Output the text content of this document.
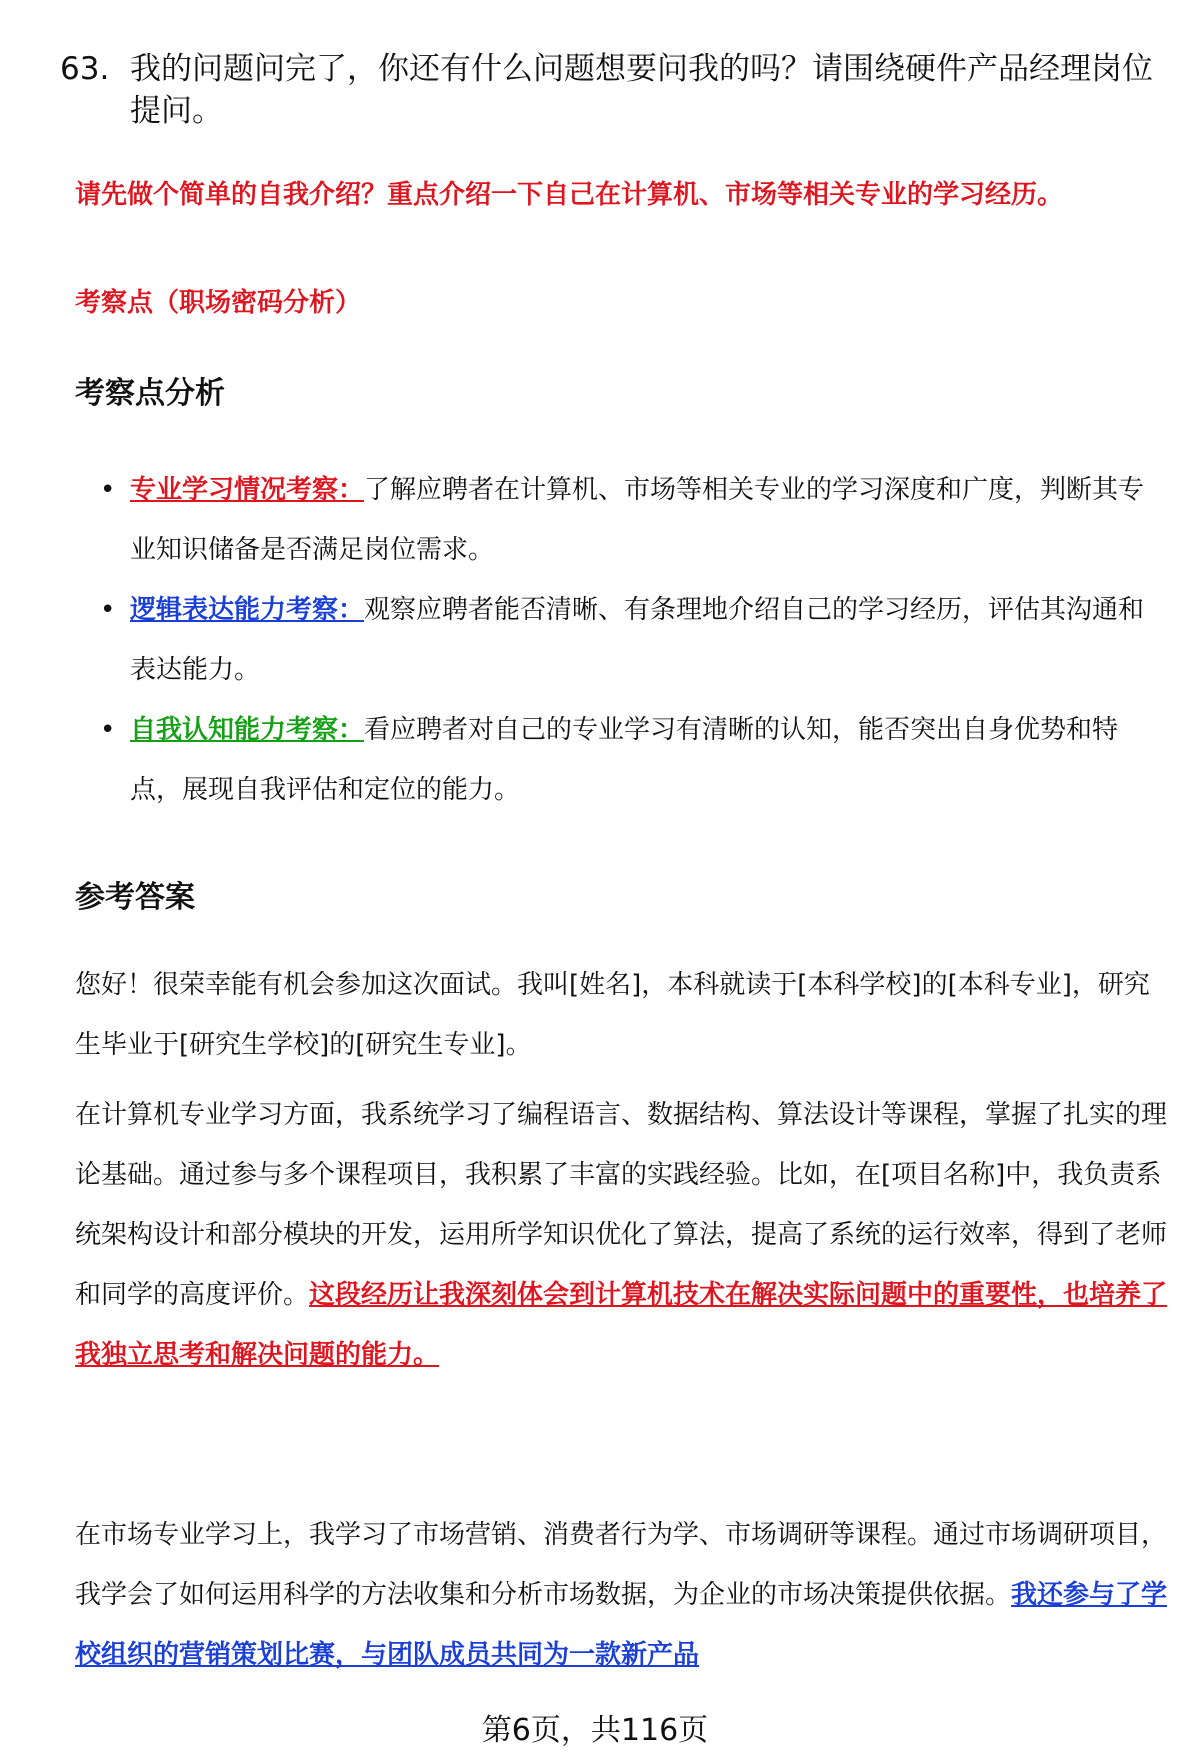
63. 我的问题问完了，你还有什么问题想要问我的吗？请围绕硬件产品经理岗位提问。
请先做个简单的自我介绍？重点介绍一下自己在计算机、市场等相关专业的学习经历。
考察点（职场密码分析）
考察点分析
• 专业学习情况考察：了解应聘者在计算机、市场等相关专业的学习深度和广度，判断其专业知识储备是否满足岗位需求。
• 逻辑表达能力考察：观察应聘者能否清晰、有条理地介绍自己的学习经历，评估其沟通和表达能力。
• 自我认知能力考察：看应聘者对自己的专业学习有清晰的认知，能否突出自身优势和特点，展现自我评估和定位的能力。
参考答案
您好！很荣幸能有机会参加这次面试。我叫[姓名]，本科就读于[本科学校]的[本科专业]，研究生毕业于[研究生学校]的[研究生专业]。
在计算机专业学习方面，我系统学习了编程语言、数据结构、算法设计等课程，掌握了扎实的理论基础。通过参与多个课程项目，我积累了丰富的实践经验。比如，在[项目名称]中，我负责系统架构设计和部分模块的开发，运用所学知识优化了算法，提高了系统的运行效率，得到了老师和同学的高度评价。这段经历让我深刻体会到计算机技术在解决实际问题中的重要性，也培养了我独立思考和解决问题的能力。
在市场专业学习上，我学习了市场营销、消费者行为学、市场调研等课程。通过市场调研项目，我学会了如何运用科学的方法收集和分析市场数据，为企业的市场决策提供依据。我还参与了学校组织的营销策划比赛，与团队成员共同为一款新产品
第6页，共116页
